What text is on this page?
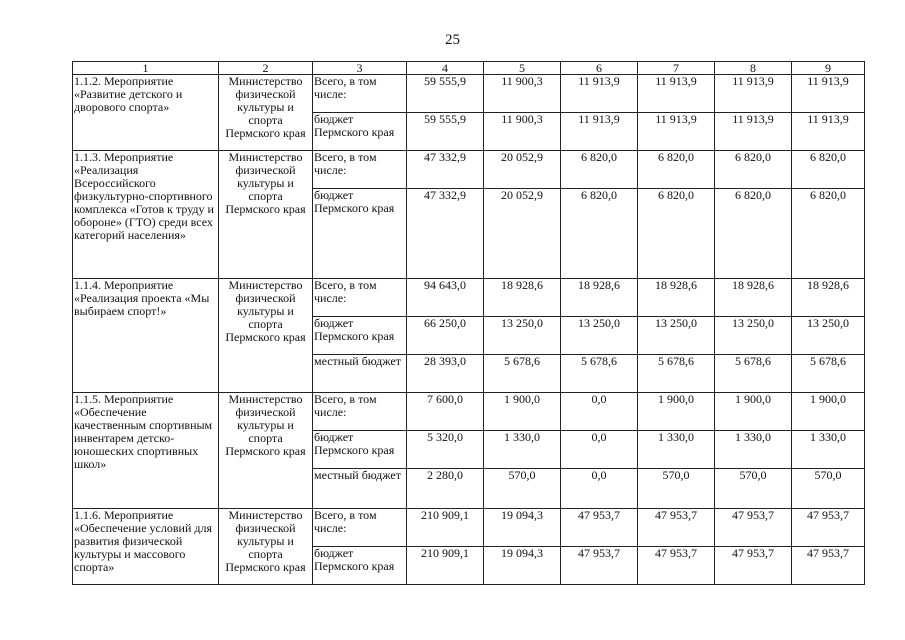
25
1	2	3	4	5	6	7	8	9
1.1.2. Мероприятие «Развитие детского и дворового спорта»	Министерство физической культуры и спорта Пермского края	Всего, в том числе:	59 555,9	11 900,3	11 913,9	11 913,9	11 913,9	11 913,9
		бюджет Пермского края	59 555,9	11 900,3	11 913,9	11 913,9	11 913,9	11 913,9
1.1.3. Мероприятие «Реализация Всероссийского физкультурно-спортивного комплекса «Готов к труду и обороне» (ГТО) среди всех категорий населения»	Министерство физической культуры и спорта Пермского края	Всего, в том числе:	47 332,9	20 052,9	6 820,0	6 820,0	6 820,0	6 820,0
		бюджет Пермского края	47 332,9	20 052,9	6 820,0	6 820,0	6 820,0	6 820,0
1.1.4. Мероприятие «Реализация проекта «Мы выбираем спорт!»	Министерство физической культуры и спорта Пермского края	Всего, в том числе:	94 643,0	18 928,6	18 928,6	18 928,6	18 928,6	18 928,6
		бюджет Пермского края	66 250,0	13 250,0	13 250,0	13 250,0	13 250,0	13 250,0
		местный бюджет	28 393,0	5 678,6	5 678,6	5 678,6	5 678,6	5 678,6
1.1.5. Мероприятие «Обеспечение качественным спортивным инвентарем детско-юношеских спортивных школ»	Министерство физической культуры и спорта Пермского края	Всего, в том числе:	7 600,0	1 900,0	0,0	1 900,0	1 900,0	1 900,0
		бюджет Пермского края	5 320,0	1 330,0	0,0	1 330,0	1 330,0	1 330,0
		местный бюджет	2 280,0	570,0	0,0	570,0	570,0	570,0
1.1.6. Мероприятие «Обеспечение условий для развития физической культуры и массового спорта»	Министерство физической культуры и спорта Пермского края	Всего, в том числе:	210 909,1	19 094,3	47 953,7	47 953,7	47 953,7	47 953,7
		бюджет Пермского края	210 909,1	19 094,3	47 953,7	47 953,7	47 953,7	47 953,7
